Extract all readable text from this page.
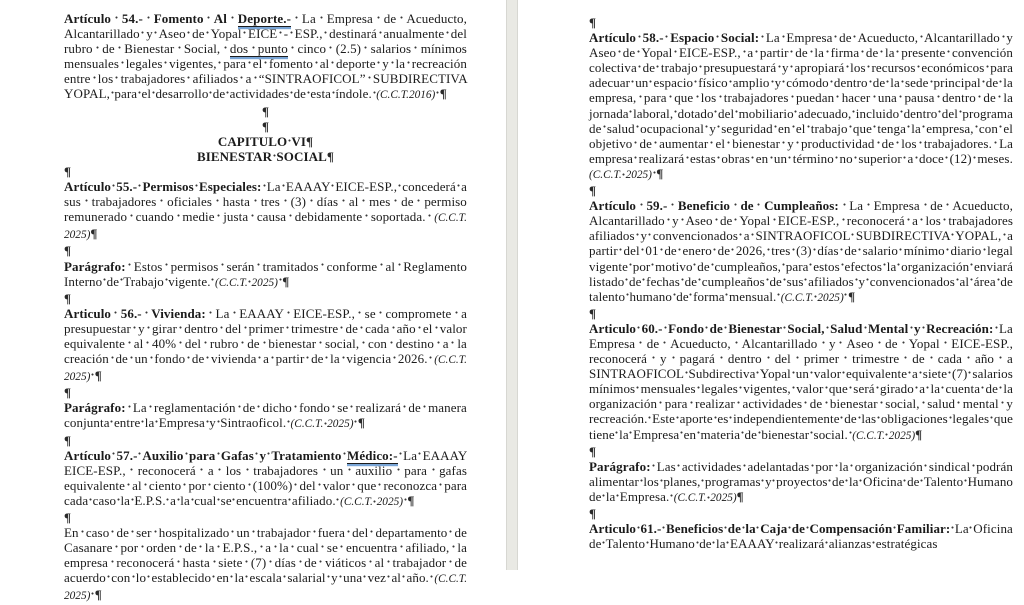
Artículo 54.- Fomento Al Deporte.- La Empresa de Acueducto, Alcantarillado y Aseo de Yopal EICE - ESP., destinará anualmente del rubro de Bienestar Social, dos punto cinco (2.5) salarios mínimos mensuales legales vigentes, para el fomento al deporte y la recreación entre los trabajadores afiliados a “SINTRAOFICOL” SUBDIRECTIVA YOPAL, para el desarrollo de actividades de esta índole. (C.C.T.2016) ¶
¶
¶
CAPITULO VI¶
BIENESTAR SOCIAL¶
¶
Artículo 55.- Permisos Especiales: La EAAAY EICE-ESP., concederá a sus trabajadores oficiales hasta tres (3) días al mes de permiso remunerado cuando medie justa causa debidamente soportada. (C.C.T. 2025)¶
¶
Parágrafo: Estos permisos serán tramitados conforme al Reglamento Interno de Trabajo vigente. (C.C.T. 2025) ¶
¶
Articulo 56.- Vivienda: La EAAAY EICE-ESP., se compromete a presupuestar y girar dentro del primer trimestre de cada año el valor equivalente al 40% del rubro de bienestar social, con destino a la creación de un fondo de vivienda a partir de la vigencia 2026. (C.C.T. 2025) ¶
¶
Parágrafo: La reglamentación de dicho fondo se realizará de manera conjunta entre la Empresa y Sintraoficol. (C.C.T. 2025) ¶
¶
Artículo 57.- Auxilio para Gafas y Tratamiento Médico:- La EAAAY EICE-ESP., reconocerá a los trabajadores un auxilio para gafas equivalente al ciento por ciento (100%) del valor que reconozca para cada caso la E.P.S. a la cual se encuentra afiliado. (C.C.T. 2025) ¶
¶
En caso de ser hospitalizado un trabajador fuera del departamento de Casanare por orden de la E.P.S., a la cual se encuentra afiliado, la empresa reconocerá hasta siete (7) días de viáticos al trabajador de acuerdo con lo establecido en la escala salarial y una vez al año. (C.C.T. 2025) ¶
¶
Artículo 58.- Espacio Social: La Empresa de Acueducto, Alcantarillado y Aseo de Yopal EICE-ESP., a partir de la firma de la presente convención colectiva de trabajo presupuestará y apropiará los recursos económicos para adecuar un espacio físico amplio y cómodo dentro de la sede principal de la empresa, para que los trabajadores puedan hacer una pausa dentro de la jornada laboral, dotado del mobiliario adecuado, incluido dentro del programa de salud ocupacional y seguridad en el trabajo que tenga la empresa, con el objetivo de aumentar el bienestar y productividad de los trabajadores. La empresa realizará estas obras en un término no superior a doce (12) meses. (C.C.T. 2025) ¶
¶
Artículo 59.- Beneficio de Cumpleaños: La Empresa de Acueducto, Alcantarillado y Aseo de Yopal EICE-ESP., reconocerá a los trabajadores afiliados y convencionados a SINTRAOFICOL SUBDIRECTIVA YOPAL, a partir del 01 de enero de 2026, tres (3) días de salario mínimo diario legal vigente por motivo de cumpleaños, para estos efectos la organización enviará listado de fechas de cumpleaños de sus afiliados y convencionados al área de talento humano de forma mensual. (C.C.T. 2025) ¶
¶
Articulo 60.- Fondo de Bienestar Social, Salud Mental y Recreación: La Empresa de Acueducto, Alcantarillado y Aseo de Yopal EICE-ESP., reconocerá y pagará dentro del primer trimestre de cada año a SINTRAOFICOL Subdirectiva Yopal un valor equivalente a siete (7) salarios mínimos mensuales legales vigentes, valor que será girado a la cuenta de la organización para realizar actividades de bienestar social, salud mental y recreación. Este aporte es independientemente de las obligaciones legales que tiene la Empresa en materia de bienestar social. (C.C.T. 2025)¶
¶
Parágrafo: Las actividades adelantadas por la organización sindical podrán alimentar los planes, programas y proyectos de la Oficina de Talento Humano de la Empresa. (C.C.T. 2025)¶
¶
Articulo 61.- Beneficios de la Caja de Compensación Familiar: La Oficina de Talento Humano de la EAAAY realizará alianzas estratégicas
